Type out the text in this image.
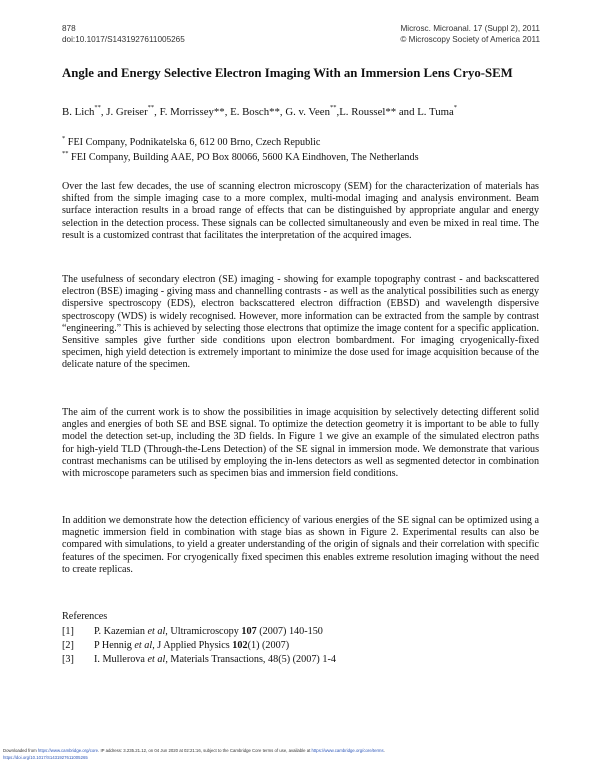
878
doi:10.1017/S1431927611005265
Microsc. Microanal. 17 (Suppl 2), 2011
© Microscopy Society of America 2011
Angle and Energy Selective Electron Imaging With an Immersion Lens Cryo-SEM
B. Lich**, J. Greiser**, F. Morrissey**, E. Bosch**, G. v. Veen**,L. Roussel** and L. Tuma*
* FEI Company, Podnikatelska 6, 612 00 Brno, Czech Republic
** FEI Company, Building AAE, PO Box 80066, 5600 KA Eindhoven, The Netherlands

Over the last few decades, the use of scanning electron microscopy (SEM) for the characterization of materials has shifted from the simple imaging case to a more complex, multi-modal imaging and analysis environment. Beam surface interaction results in a broad range of effects that can be distinguished by appropriate angular and energy selection in the detection process. These signals can be collected simultaneously and even be mixed in real time. The result is a customized contrast that facilitates the interpretation of the acquired images.

The usefulness of secondary electron (SE) imaging - showing for example topography contrast - and backscattered electron (BSE) imaging - giving mass and channelling contrasts - as well as the analytical possibilities such as energy dispersive spectroscopy (EDS), electron backscattered electron diffraction (EBSD) and wavelength dispersive spectroscopy (WDS) is widely recognised. However, more information can be extracted from the sample by contrast “engineering.” This is achieved by selecting those electrons that optimize the image content for a specific application. Sensitive samples give further side conditions upon electron bombardment. For imaging cryogenically-fixed specimen, high yield detection is extremely important to minimize the dose used for image acquisition because of the delicate nature of the specimen.

The aim of the current work is to show the possibilities in image acquisition by selectively detecting different solid angles and energies of both SE and BSE signal. To optimize the detection geometry it is important to be able to fully model the detection set-up, including the 3D fields. In Figure 1 we give an example of the simulated electron paths for high-yield TLD (Through-the-Lens Detection) of the SE signal in immersion mode. We demonstrate that various contrast mechanisms can be utilised by employing the in-lens detectors as well as segmented detector in combination with microscope parameters such as specimen bias and immersion field conditions.

In addition we demonstrate how the detection efficiency of various energies of the SE signal can be optimized using a magnetic immersion field in combination with stage bias as shown in Figure 2. Experimental results can also be compared with simulations, to yield a greater understanding of the origin of signals and their correlation with specific features of the specimen. For cryogenically fixed specimen this enables extreme resolution imaging without the need to create replicas.

References
[1] P. Kazemian et al, Ultramicroscopy 107 (2007) 140-150
[2] P Hennig et al, J Applied Physics 102(1) (2007)
[3] I. Mullerova et al, Materials Transactions, 48(5) (2007) 1-4
Downloaded from https://www.cambridge.org/core. IP address: 3.235.21.12, on 04 Jun 2020 at 02:21:16, subject to the Cambridge Core terms of use, available at https://www.cambridge.org/core/terms.
https://doi.org/10.1017/S1431927611005265
